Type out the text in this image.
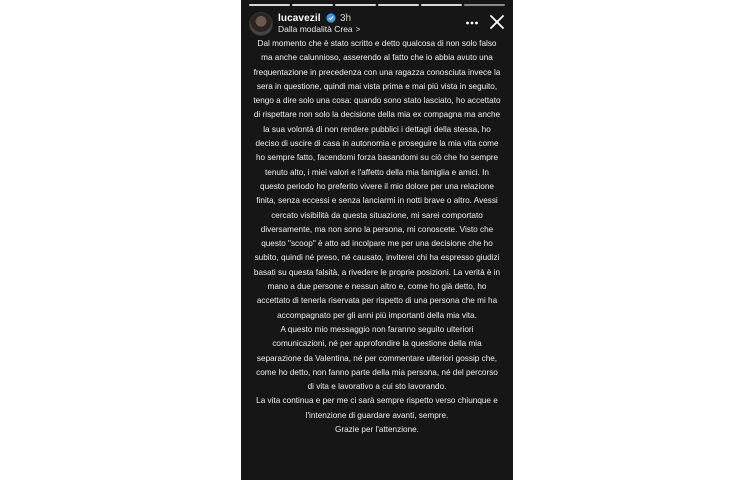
lucavezil 3h
Dalla modalità Crea >

Dal momento che è stato scritto e detto qualcosa di non solo falso ma anche calunnioso, asserendo al fatto che io abbia avuto una frequentazione in precedenza con una ragazza conosciuta invece la sera in questione, quindi mai vista prima e mai più vista in seguito, tengo a dire solo una cosa: quando sono stato lasciato, ho accettato di rispettare non solo la decisione della mia ex compagna ma anche la sua volontà di non rendere pubblici i dettagli della stessa, ho deciso di uscire di casa in autonomia e proseguire la mia vita come ho sempre fatto, facendomi forza basandomi su ciò che ho sempre tenuto alto, i miei valori e l'affetto della mia famiglia e amici. In questo periodo ho preferito vivere il mio dolore per una relazione finita, senza eccessi e senza lanciarmi in notti brave o altro. Avessi cercato visibilità da questa situazione, mi sarei comportato diversamente, ma non sono la persona, mi conoscete. Visto che questo "scoop" è atto ad incolpare me per una decisione che ho subito, quindi né preso, né causato, inviterei chi ha espresso giudizi basati su questa falsità, a rivedere le proprie posizioni. La verità è in mano a due persone e nessun altro e, come ho già detto, ho accettato di tenerla riservata per rispetto di una persona che mi ha accompagnato per gli anni più importanti della mia vita.

A questo mio messaggio non faranno seguito ulteriori comunicazioni, né per approfondire la questione della mia separazione da Valentina, né per commentare ulteriori gossip che, come ho detto, non fanno parte della mia persona, né del percorso di vita e lavorativo a cui sto lavorando.

La vita continua e per me ci sarà sempre rispetto verso chiunque e l'intenzione di guardare avanti, sempre.

Grazie per l'attenzione.
